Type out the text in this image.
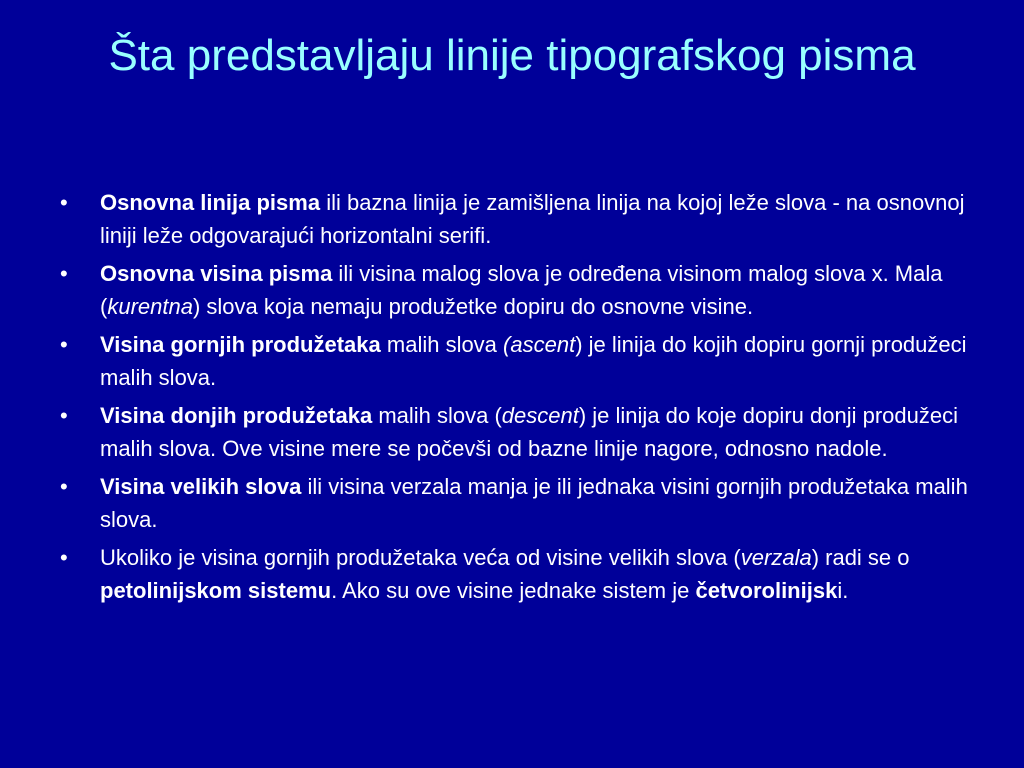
Šta predstavljaju linije tipografskog pisma
•	Osnovna linija pisma ili bazna linija je zamišljena linija na kojoj leže slova - na osnovnoj liniji leže odgovarajući horizontalni serifi.
•	Osnovna visina pisma ili visina malog slova je određena visinom malog slova x. Mala (kurentna) slova koja nemaju produžetke dopiru do osnovne visine.
•	Visina gornjih produžetaka malih slova (ascent) je linija do kojih dopiru gornji produžeci malih slova.
•	Visina donjih produžetaka malih slova (descent) je linija do koje dopiru donji produžeci malih slova. Ove visine mere se počevši od bazne linije nagore, odnosno nadole.
•	Visina velikih slova ili visina verzala manja je ili jednaka visini gornjih produžetaka malih slova.
•	Ukoliko je visina gornjih produžetaka veća od visine velikih slova (verzala) radi se o petolinijskom sistemu. Ako su ove visine jednake sistem je četvorolinijski.
